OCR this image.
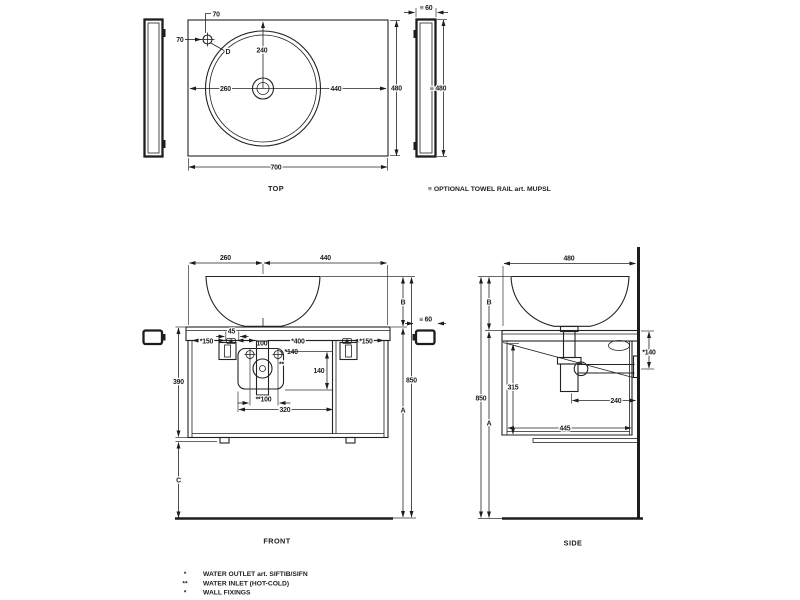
70
70
D	240
260	440	480
700
TOP
≡ 60
≡ 480
≡ OPTIONAL TOWEL RAIL art. MUPSL
260	440
45
*150	100	*400	*150
*140
**
140
**100
320
390
C
B
A
850
≡ 60
FRONT
480
*140
315
240
445
B
A
850
SIDE
* WATER OUTLET art. SIFTIB/SIFN
** WATER INLET (HOT-COLD)
* WALL FIXINGS
